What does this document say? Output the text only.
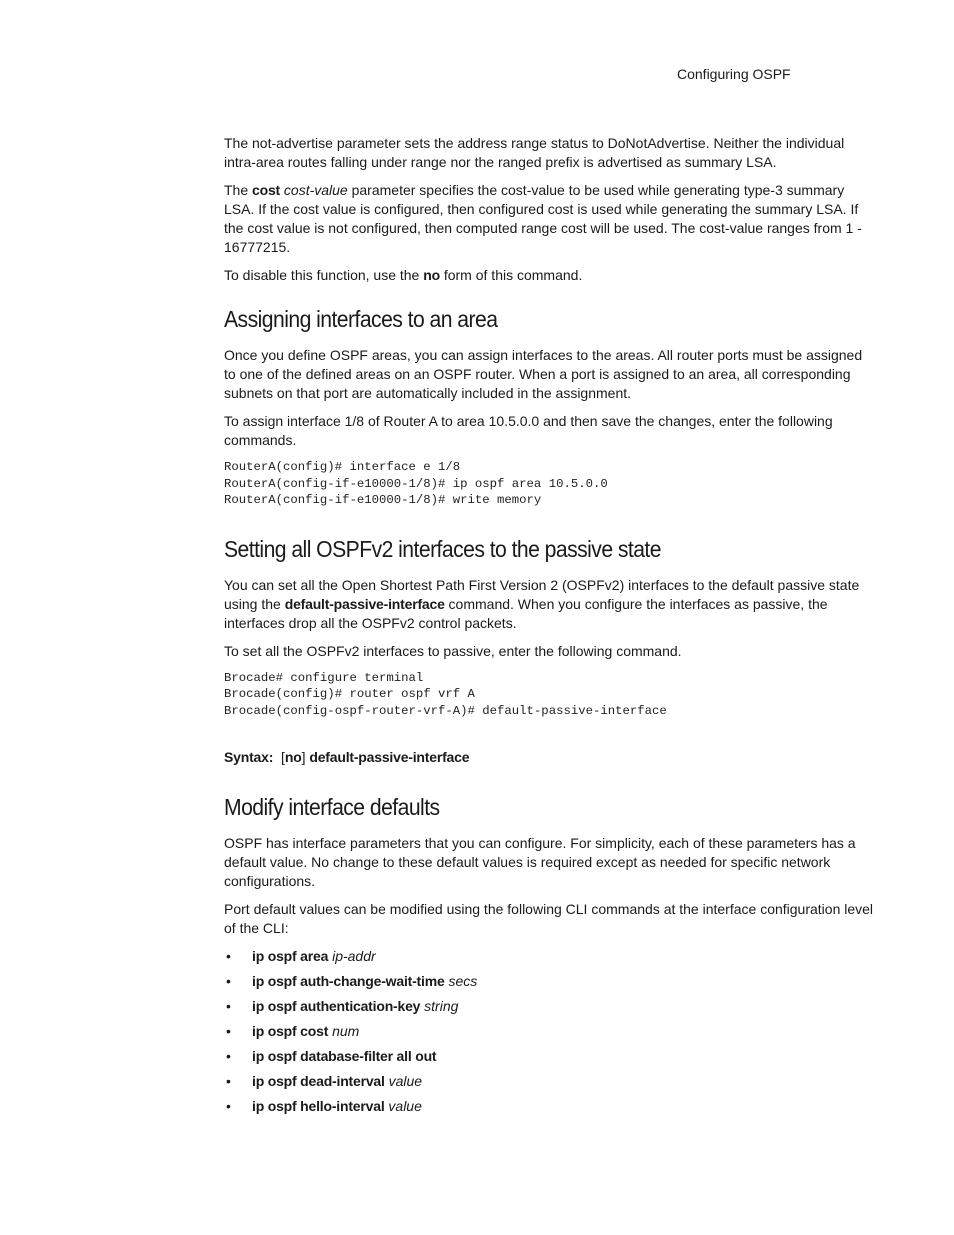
Configuring OSPF

The not-advertise parameter sets the address range status to DoNotAdvertise. Neither the individual intra-area routes falling under range nor the ranged prefix is advertised as summary LSA.

The cost cost-value parameter specifies the cost-value to be used while generating type-3 summary LSA. If the cost value is configured, then configured cost is used while generating the summary LSA. If the cost value is not configured, then computed range cost will be used. The cost-value ranges from 1 - 16777215.

To disable this function, use the no form of this command.

Assigning interfaces to an area

Once you define OSPF areas, you can assign interfaces to the areas. All router ports must be assigned to one of the defined areas on an OSPF router. When a port is assigned to an area, all corresponding subnets on that port are automatically included in the assignment.

To assign interface 1/8 of Router A to area 10.5.0.0 and then save the changes, enter the following commands.

RouterA(config)# interface e 1/8
RouterA(config-if-e10000-1/8)# ip ospf area 10.5.0.0
RouterA(config-if-e10000-1/8)# write memory
Setting all OSPFv2 interfaces to the passive state

You can set all the Open Shortest Path First Version 2 (OSPFv2) interfaces to the default passive state using the default-passive-interface command. When you configure the interfaces as passive, the interfaces drop all the OSPFv2 control packets.

To set all the OSPFv2 interfaces to passive, enter the following command.

Brocade# configure terminal
Brocade(config)# router ospf vrf A
Brocade(config-ospf-router-vrf-A)# default-passive-interface
Syntax: [no] default-passive-interface
Modify interface defaults

OSPF has interface parameters that you can configure. For simplicity, each of these parameters has a default value. No change to these default values is required except as needed for specific network configurations.

Port default values can be modified using the following CLI commands at the interface configuration level of the CLI:

• ip ospf area ip-addr
• ip ospf auth-change-wait-time secs
• ip ospf authentication-key string
• ip ospf cost num
• ip ospf database-filter all out
• ip ospf dead-interval value
• ip ospf hello-interval value
